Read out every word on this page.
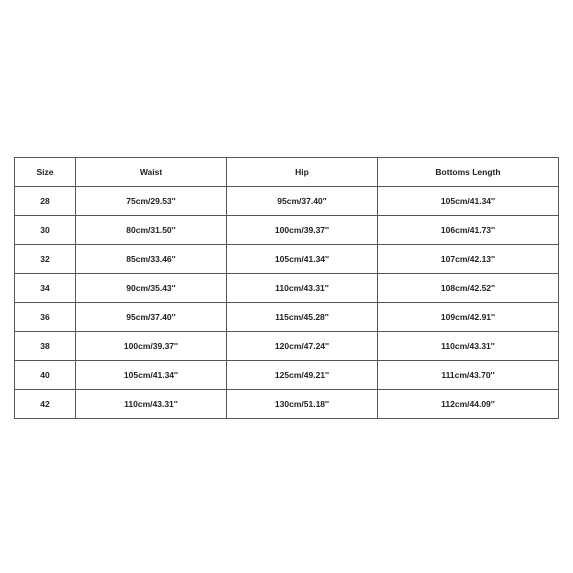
Size	Waist	Hip	Bottoms Length
28	75cm/29.53''	95cm/37.40''	105cm/41.34''
30	80cm/31.50''	100cm/39.37''	106cm/41.73''
32	85cm/33.46''	105cm/41.34''	107cm/42.13''
34	90cm/35.43''	110cm/43.31''	108cm/42.52''
36	95cm/37.40''	115cm/45.28''	109cm/42.91''
38	100cm/39.37''	120cm/47.24''	110cm/43.31''
40	105cm/41.34''	125cm/49.21''	111cm/43.70''
42	110cm/43.31''	130cm/51.18''	112cm/44.09''
